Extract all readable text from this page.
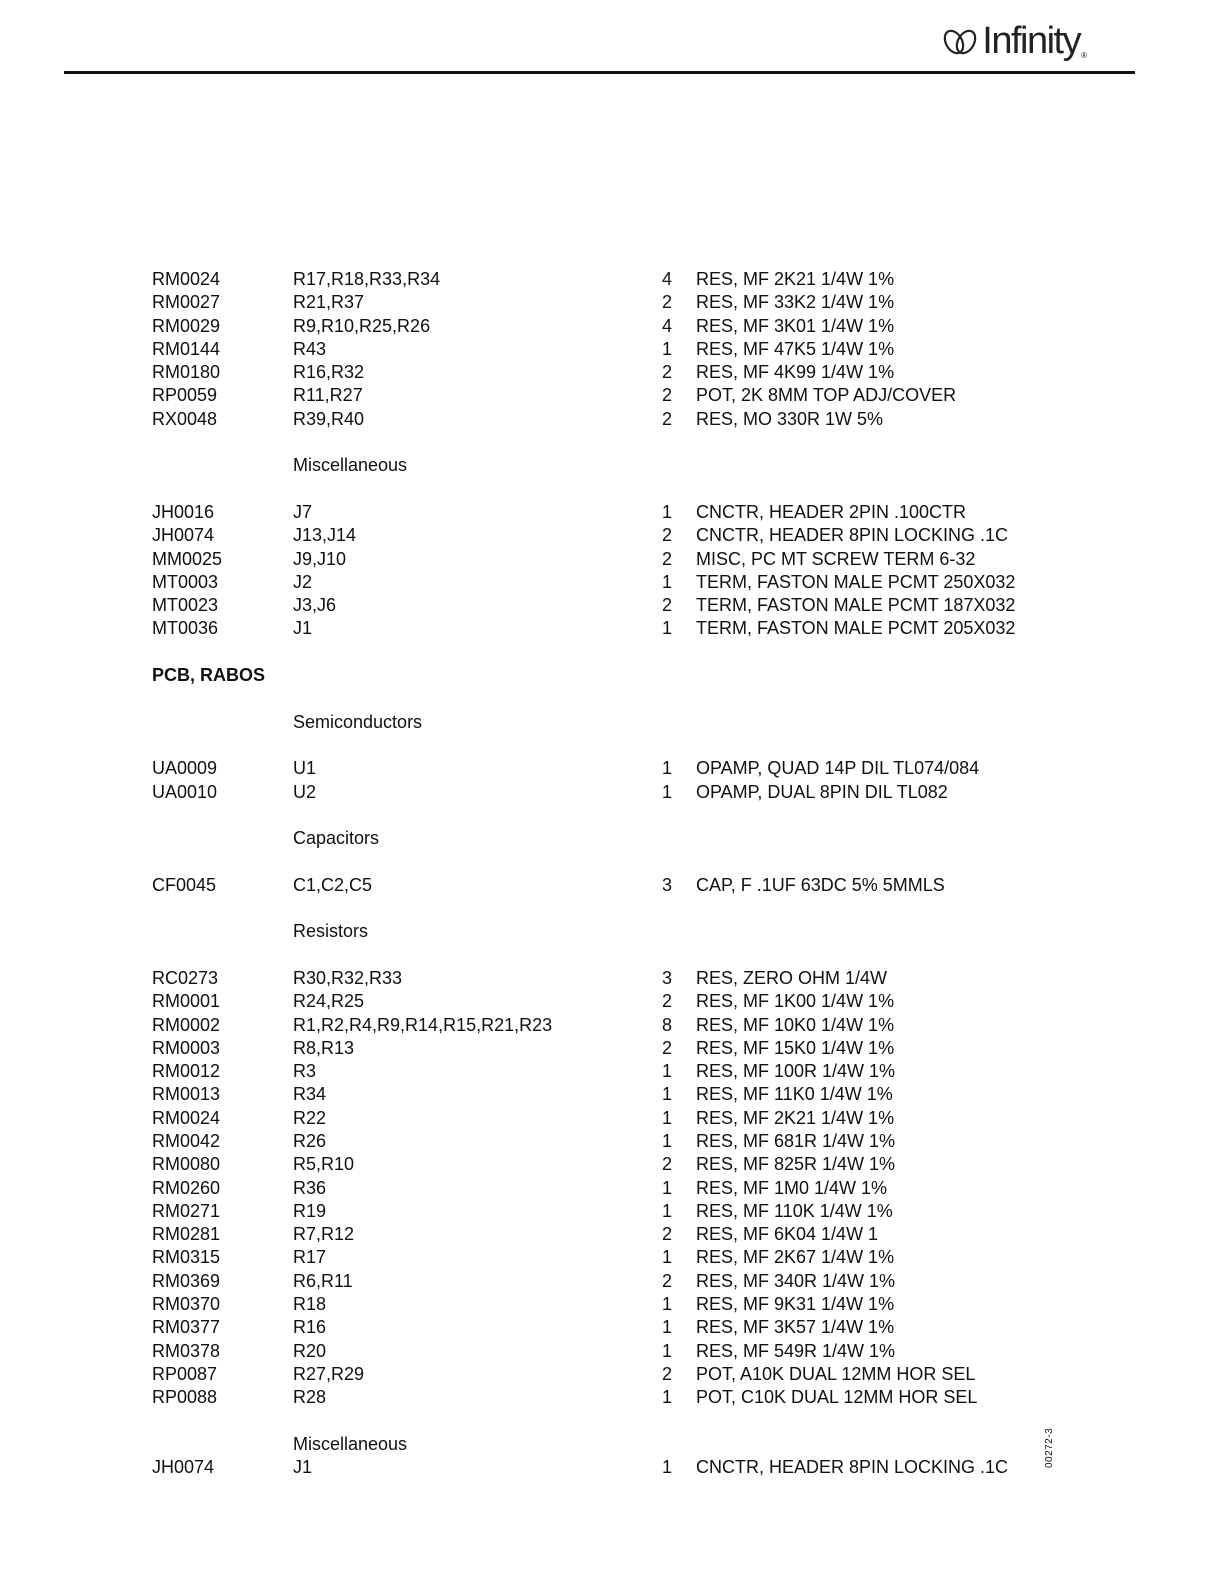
Infinity ®
RM0024	R17,R18,R33,R34	4 RES, MF 2K21 1/4W 1%
RM0027	R21,R37	2 RES, MF 33K2 1/4W 1%
RM0029	R9,R10,R25,R26	4 RES, MF 3K01 1/4W 1%
RM0144	R43	1 RES, MF 47K5 1/4W 1%
RM0180	R16,R32	2 RES, MF 4K99 1/4W 1%
RP0059	R11,R27	2 POT, 2K 8MM TOP ADJ/COVER
RX0048	R39,R40	2 RES, MO 330R 1W 5%
Miscellaneous
JH0016	J7	1 CNCTR, HEADER 2PIN .100CTR
JH0074	J13,J14	2 CNCTR, HEADER 8PIN LOCKING .1C
MM0025	J9,J10	2 MISC, PC MT SCREW TERM 6-32
MT0003	J2	1 TERM, FASTON MALE PCMT 250X032
MT0023	J3,J6	2 TERM, FASTON MALE PCMT 187X032
MT0036	J1	1 TERM, FASTON MALE PCMT 205X032
PCB, RABOS
Semiconductors
UA0009	U1	1 OPAMP, QUAD 14P DIL TL074/084
UA0010	U2	1 OPAMP, DUAL 8PIN DIL TL082
Capacitors
CF0045	C1,C2,C5	3 CAP, F .1UF 63DC 5% 5MMLS
Resistors
RC0273	R30,R32,R33	3 RES, ZERO OHM 1/4W
RM0001	R24,R25	2 RES, MF 1K00 1/4W 1%
RM0002	R1,R2,R4,R9,R14,R15,R21,R23	8 RES, MF 10K0 1/4W 1%
RM0003	R8,R13	2 RES, MF 15K0 1/4W 1%
RM0012	R3	1 RES, MF 100R 1/4W 1%
RM0013	R34	1 RES, MF 11K0 1/4W 1%
RM0024	R22	1 RES, MF 2K21 1/4W 1%
RM0042	R26	1 RES, MF 681R 1/4W 1%
RM0080	R5,R10	2 RES, MF 825R 1/4W 1%
RM0260	R36	1 RES, MF 1M0 1/4W 1%
RM0271	R19	1 RES, MF 110K 1/4W 1%
RM0281	R7,R12	2 RES, MF 6K04 1/4W 1
RM0315	R17	1 RES, MF 2K67 1/4W 1%
RM0369	R6,R11	2 RES, MF 340R 1/4W 1%
RM0370	R18	1 RES, MF 9K31 1/4W 1%
RM0377	R16	1 RES, MF 3K57 1/4W 1%
RM0378	R20	1 RES, MF 549R 1/4W 1%
RP0087	R27,R29	2 POT, A10K DUAL 12MM HOR SEL
RP0088	R28	1 POT, C10K DUAL 12MM HOR SEL
Miscellaneous
JH0074	J1	1 CNCTR, HEADER 8PIN LOCKING .1C	00272-3
